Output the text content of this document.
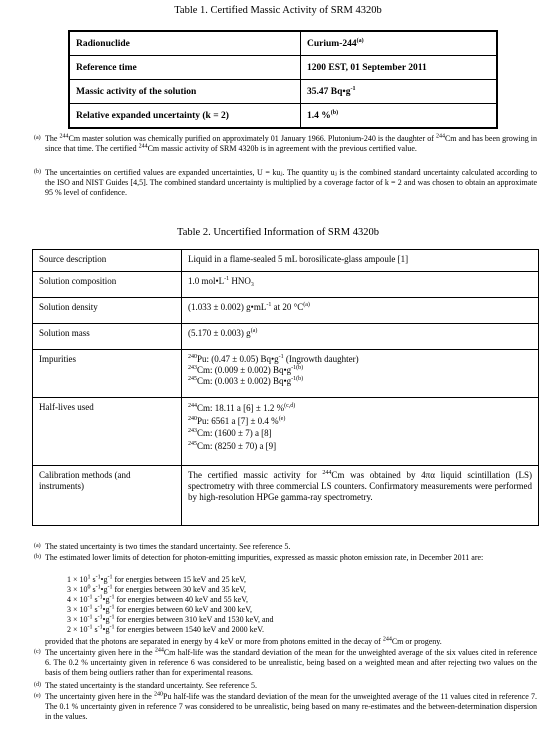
Table 1. Certified Massic Activity of SRM 4320b
Radionuclide	Curium-244$^{(a)}$
Reference time	1200 EST, 01 September 2011
Massic activity of the solution	35.47 $Bq•g^{-1}$
Relative expanded uncertainty (k = 2)	1.4 %$^{(b)}$
(a) The $^{244}$Cm master solution was chemically purified on approximately 01 January 1966. Plutonium-240 is the daughter of $^{244}$Cm and has been growing in since that time. The certified $^{244}$Cm massic activity of SRM 4320b is in agreement with the previous certified value.
(b) The uncertainties on certified values are expanded uncertainties, U = kuⱼ. The quantity uⱼ is the combined standard uncertainty calculated according to the ISO and NIST Guides [4,5]. The combined standard uncertainty is multiplied by a coverage factor of k = 2 and was chosen to obtain an approximate 95 % level of confidence.
Table 2. Uncertified Information of SRM 4320b
Source description	Liquid in a flame-sealed 5 mL borosilicate-glass ampoule [1]
Solution composition	1.0 $mol•L^{-1}$ HNO₃
Solution density	(1.033 ± 0.002) $g•mL^{-1}$ at 20 $^\circ C^{(a)}$
Solution mass	(5.170 ± 0.003) $g^{(a)}$
Impurities	$^{240}$Pu: (0.47 ± 0.05) $Bq•g^{-1}$ (Ingrowth daughter)
$^{243}$Cm: (0.009 ± 0.002) $Bq•g^{-1(b)}$
$^{245}$Cm: (0.003 ± 0.002) $Bq•g^{-1(b)}$

Half-lives used	$^{244}$Cm: 18.11 a [6] ± 1.2 %$^{(c,d)}$
$^{240}$Pu: 6561 a [7] ± 0.4 %$^{(e)}$
$^{243}$Cm: (1600 ± 7) a [8]
$^{245}$Cm: (8250 ± 70) a [9]

Calibration methods (and instruments)	The certified massic activity for $^{244}$Cm was obtained by 4πα liquid scintillation (LS) spectrometry with three commercial LS counters. Confirmatory measurements were performed by high-resolution HPGe gamma-ray spectrometry.
(a) The stated uncertainty is two times the standard uncertainty. See reference 5.
(b) The estimated lower limits of detection for photon-emitting impurities, expressed as massic photon emission rate, in December 2011 are:
$1 \times 10^1$ $s^{-1}•g^{-1}$ for energies between 15 keV and 25 keV,
$3 \times 10^0$ $s^{-1}•g^{-1}$ for energies between 30 keV and 35 keV,
$4 \times 10^{-1}$ $s^{-1}•g^{-1}$ for energies between 40 keV and 55 keV,
$3 \times 10^{-1}$ $s^{-1}•g^{-1}$ for energies between 60 keV and 300 keV,
$3 \times 10^{-1}$ $s^{-1}•g^{-1}$ for energies between 310 keV and 1530 keV, and
$2 \times 10^{-1}$ $s^{-1}•g^{-1}$ for energies between 1540 keV and 2000 keV.
provided that the photons are separated in energy by 4 keV or more from photons emitted in the decay of $^{244}$Cm or progeny.
(c) The uncertainty given here in the $^{244}$Cm half-life was the standard deviation of the mean for the unweighted average of the six values cited in reference 6. The 0.2 % uncertainty given in reference 6 was considered to be unrealistic, being based on a weighted mean and after rejecting two values on the basis of them being outliers rather than for experimental reasons.
(d) The stated uncertainty is the standard uncertainty. See reference 5.
(e) The uncertainty given here in the $^{240}$Pu half-life was the standard deviation of the mean for the unweighted average of the 11 values cited in reference 7. The 0.1 % uncertainty given in reference 7 was considered to be unrealistic, being based on many re-estimates and the between-determination dispersion in the values.
